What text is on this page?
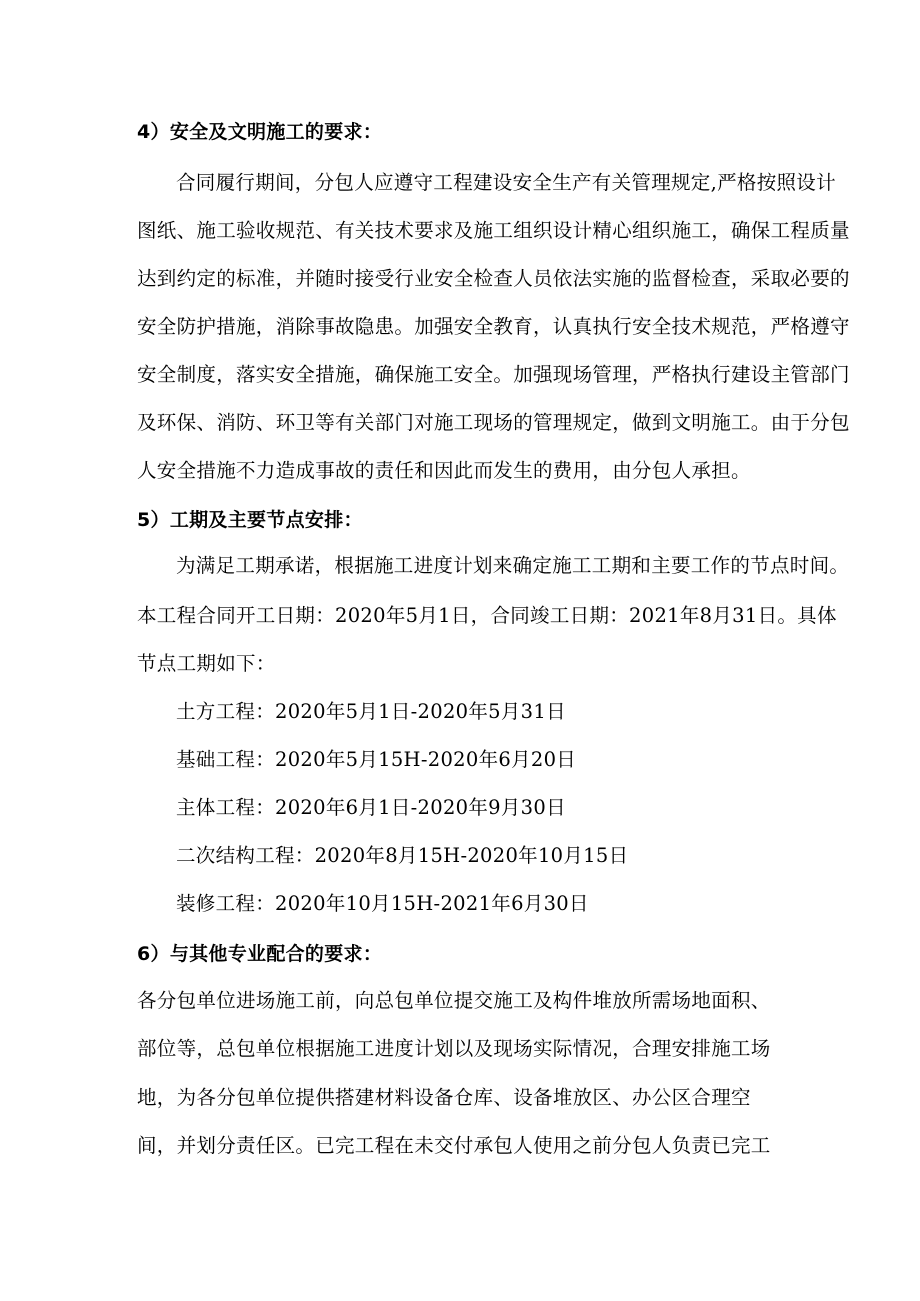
4）安全及文明施工的要求：
合同履行期间，分包人应遵守工程建设安全生产有关管理规定,严格按照设计
图纸、施工验收规范、有关技术要求及施工组织设计精心组织施工，确保工程质量
达到约定的标准，并随时接受行业安全检查人员依法实施的监督检查，采取必要的
安全防护措施，消除事故隐患。加强安全教育，认真执行安全技术规范，严格遵守
安全制度，落实安全措施，确保施工安全。加强现场管理，严格执行建设主管部门
及环保、消防、环卫等有关部门对施工现场的管理规定，做到文明施工。由于分包
人安全措施不力造成事故的责任和因此而发生的费用，由分包人承担。
5）工期及主要节点安排：
为满足工期承诺，根据施工进度计划来确定施工工期和主要工作的节点时间。
本工程合同开工日期：2020年5月1日，合同竣工日期：2021年8月31日。具体
节点工期如下：
土方工程：2020年5月1日-2020年5月31日
基础工程：2020年5月15H-2020年6月20日
主体工程：2020年6月1日-2020年9月30日
二次结构工程：2020年8月15H-2020年10月15日
装修工程：2020年10月15H-2021年6月30日
6）与其他专业配合的要求：
各分包单位进场施工前，向总包单位提交施工及构件堆放所需场地面积、
部位等，总包单位根据施工进度计划以及现场实际情况，合理安排施工场
地，为各分包单位提供搭建材料设备仓库、设备堆放区、办公区合理空
间，并划分责任区。已完工程在未交付承包人使用之前分包人负责已完工
